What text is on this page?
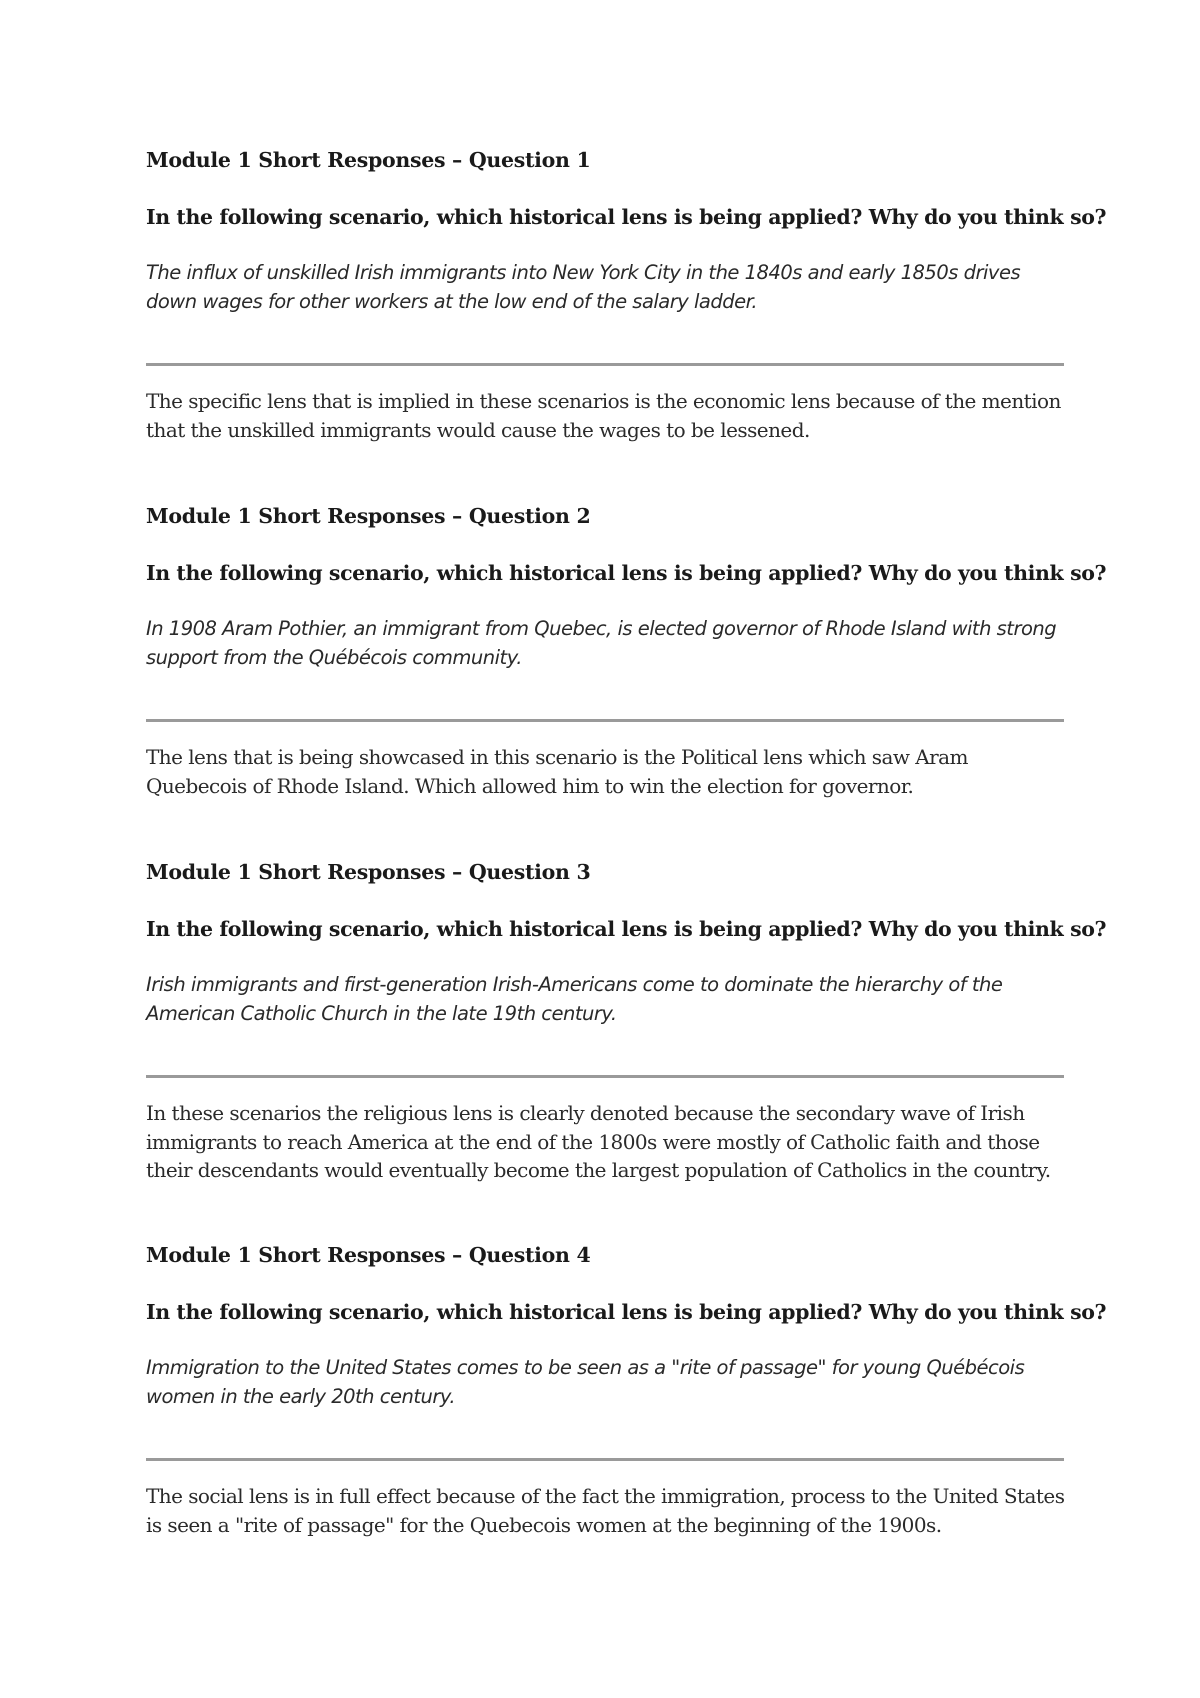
Module 1 Short Responses – Question 1

In the following scenario, which historical lens is being applied? Why do you think so?

The influx of unskilled Irish immigrants into New York City in the 1840s and early 1850s drives down wages for other workers at the low end of the salary ladder.

The specific lens that is implied in these scenarios is the economic lens because of the mention that the unskilled immigrants would cause the wages to be lessened.

Module 1 Short Responses – Question 2

In the following scenario, which historical lens is being applied? Why do you think so?

In 1908 Aram Pothier, an immigrant from Quebec, is elected governor of Rhode Island with strong support from the Québécois community.

The lens that is being showcased in this scenario is the Political lens which saw Aram Quebecois of Rhode Island. Which allowed him to win the election for governor.

Module 1 Short Responses – Question 3

In the following scenario, which historical lens is being applied? Why do you think so?

Irish immigrants and first-generation Irish-Americans come to dominate the hierarchy of the American Catholic Church in the late 19th century.

In these scenarios the religious lens is clearly denoted because the secondary wave of Irish immigrants to reach America at the end of the 1800s were mostly of Catholic faith and those their descendants would eventually become the largest population of Catholics in the country.

Module 1 Short Responses – Question 4

In the following scenario, which historical lens is being applied? Why do you think so?

Immigration to the United States comes to be seen as a "rite of passage" for young Québécois women in the early 20th century.

The social lens is in full effect because of the fact the immigration, process to the United States is seen a "rite of passage" for the Quebecois women at the beginning of the 1900s.
